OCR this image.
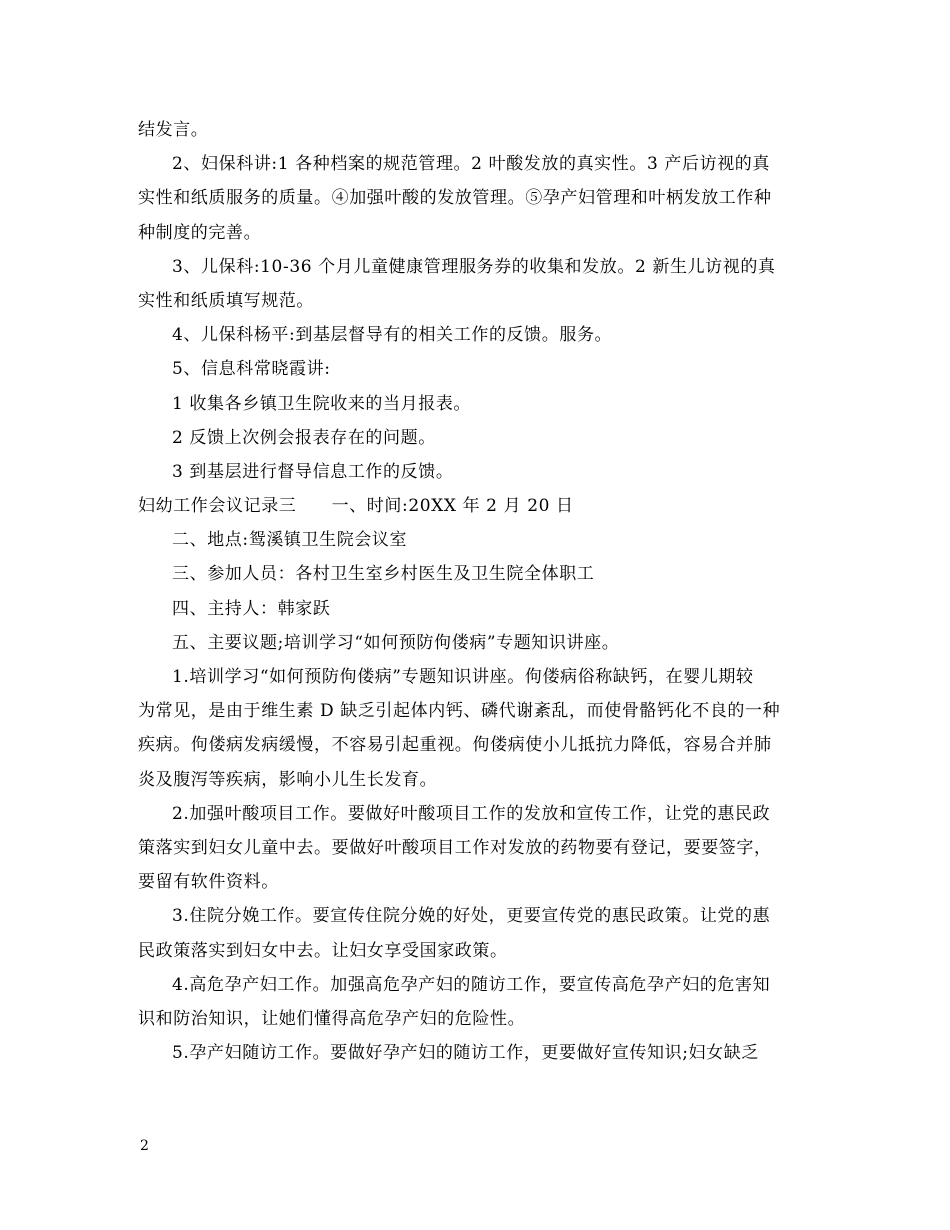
结发言。
2、妇保科讲:1 各种档案的规范管理。2 叶酸发放的真实性。3 产后访视的真
实性和纸质服务的质量。④加强叶酸的发放管理。⑤孕产妇管理和叶柄发放工作种
种制度的完善。
3、儿保科:10-36 个月儿童健康管理服务券的收集和发放。2 新生儿访视的真
实性和纸质填写规范。
4、儿保科杨平:到基层督导有的相关工作的反馈。服务。
5、信息科常晓霞讲:
1 收集各乡镇卫生院收来的当月报表。
2 反馈上次例会报表存在的问题。
3 到基层进行督导信息工作的反馈。
妇幼工作会议记录三　　一、时间:20XX 年 2 月 20 日
二、地点:鸳溪镇卫生院会议室
三、参加人员：各村卫生室乡村医生及卫生院全体职工
四、主持人：韩家跃
五、主要议题;培训学习“如何预防佝偻病”专题知识讲座。
1.培训学习“如何预防佝偻病”专题知识讲座。佝偻病俗称缺钙，在婴儿期较
为常见，是由于维生素 D 缺乏引起体内钙、磷代谢紊乱，而使骨骼钙化不良的一种
疾病。佝偻病发病缓慢，不容易引起重视。佝偻病使小儿抵抗力降低，容易合并肺
炎及腹泻等疾病，影响小儿生长发育。
2.加强叶酸项目工作。要做好叶酸项目工作的发放和宣传工作，让党的惠民政
策落实到妇女儿童中去。要做好叶酸项目工作对发放的药物要有登记，要要签字，
要留有软件资料。
3.住院分娩工作。要宣传住院分娩的好处，更要宣传党的惠民政策。让党的惠
民政策落实到妇女中去。让妇女享受国家政策。
4.高危孕产妇工作。加强高危孕产妇的随访工作，要宣传高危孕产妇的危害知
识和防治知识，让她们懂得高危孕产妇的危险性。
5.孕产妇随访工作。要做好孕产妇的随访工作，更要做好宣传知识;妇女缺乏
2
